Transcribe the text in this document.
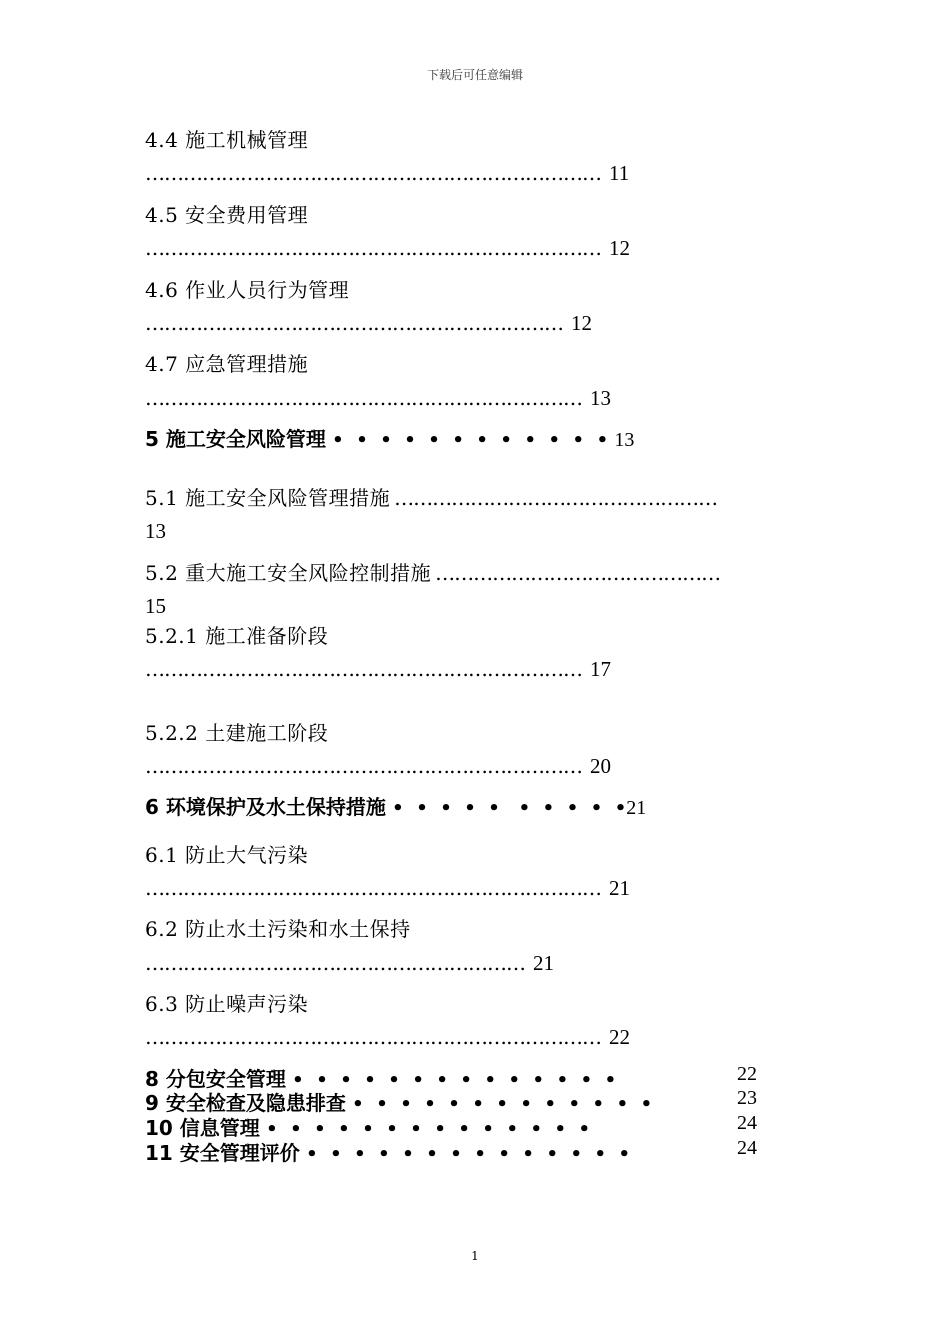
下载后可任意编辑
4.4 施工机械管理
……………………………………………………………… 11
4.5 安全费用管理
……………………………………………………………… 12
4.6 作业人员行为管理
………………………………………………………… 12
4.7 应急管理措施
…………………………………………………………… 13
5 施工安全风险管理 •  •  •  •  •  •  •  •  •  •  •  • 13
5.1 施工安全风险管理措施 ……………………………………………
13
5.2 重大施工安全风险控制措施 ………………………………………
15
5.2.1 施工准备阶段
…………………………………………………………… 17
5.2.2 土建施工阶段
…………………………………………………………… 20
6 环境保护及水土保持措施 •  •  •  •  •   •  •  •  •  •21
6.1 防止大气污染
……………………………………………………………… 21
6.2 防止水土污染和水土保持
…………………………………………………… 21
6.3 防止噪声污染
……………………………………………………………… 22
8 分包安全管理 •  •  •  •  •  •  •  •  •  •  •  •  •  •	22
9 安全检查及隐患排查 •  •  •  •  •  •  •  •  •  •  •  •  •	23
10 信息管理 •  •  •  •  •  •  •  •  •  •  •  •  •  •	24
11 安全管理评价 •  •  •  •  •  •  •  •  •  •  •  •  •  •	24
1
